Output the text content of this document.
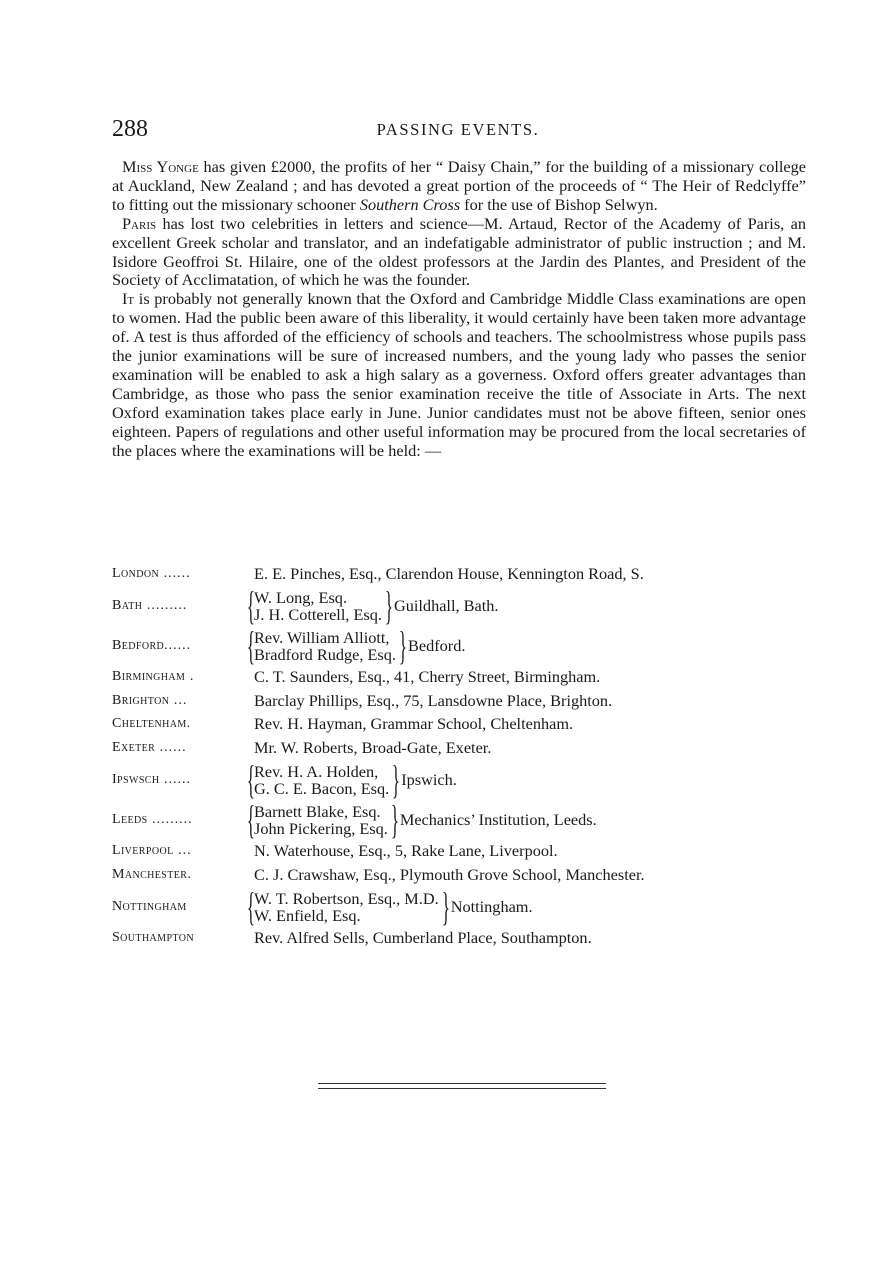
288	PASSING EVENTS.

Miss Yonge has given £2000, the profits of her “ Daisy Chain,” for the building of a missionary college at Auckland, New Zealand ; and has devoted a great portion of the proceeds of “ The Heir of Redclyffe” to fitting out the missionary schooner Southern Cross for the use of Bishop Selwyn.

Paris has lost two celebrities in letters and science—M. Artaud, Rector of the Academy of Paris, an excellent Greek scholar and translator, and an indefatigable administrator of public instruction ; and M. Isidore Geoffroi St. Hilaire, one of the oldest professors at the Jardin des Plantes, and President of the Society of Acclimatation, of which he was the founder.

It is probably not generally known that the Oxford and Cambridge Middle Class examinations are open to women. Had the public been aware of this liberality, it would certainly have been taken more advantage of. A test is thus afforded of the efficiency of schools and teachers. The schoolmistress whose pupils pass the junior examinations will be sure of increased numbers, and the young lady who passes the senior examination will be enabled to ask a high salary as a governess. Oxford offers greater advantages than Cambridge, as those who pass the senior examination receive the title of Associate in Arts. The next Oxford examination takes place early in June. Junior candidates must not be above fifteen, senior ones eighteen. Papers of regulations and other useful information may be procured from the local secretaries of the places where the examinations will be held: —

London ......	E. E. Pinches, Esq., Clarendon House, Kennington Road, S.
Bath .........	{ W. Long, Esq.
J. H. Cotterell, Esq. } Guildhall, Bath.
Bedford......	{ Rev. William Alliott,
Bradford Rudge, Esq. } Bedford.
Birmingham .	C. T. Saunders, Esq., 41, Cherry Street, Birmingham.
Brighton ...	Barclay Phillips, Esq., 75, Lansdowne Place, Brighton.
Cheltenham.	Rev. H. Hayman, Grammar School, Cheltenham.
Exeter ......	Mr. W. Roberts, Broad-Gate, Exeter.
Ipswsch ......	{ Rev. H. A. Holden,
G. C. E. Bacon, Esq. } Ipswich.
Leeds .........	{ Barnett Blake, Esq.
John Pickering, Esq. } Mechanics’ Institution, Leeds.
Liverpool ...	N. Waterhouse, Esq., 5, Rake Lane, Liverpool.
Manchester.	C. J. Crawshaw, Esq., Plymouth Grove School, Manchester.
Nottingham	{ W. T. Robertson, Esq., M.D.
W. Enfield, Esq.	} Nottingham.
Southampton	Rev. Alfred Sells, Cumberland Place, Southampton.
